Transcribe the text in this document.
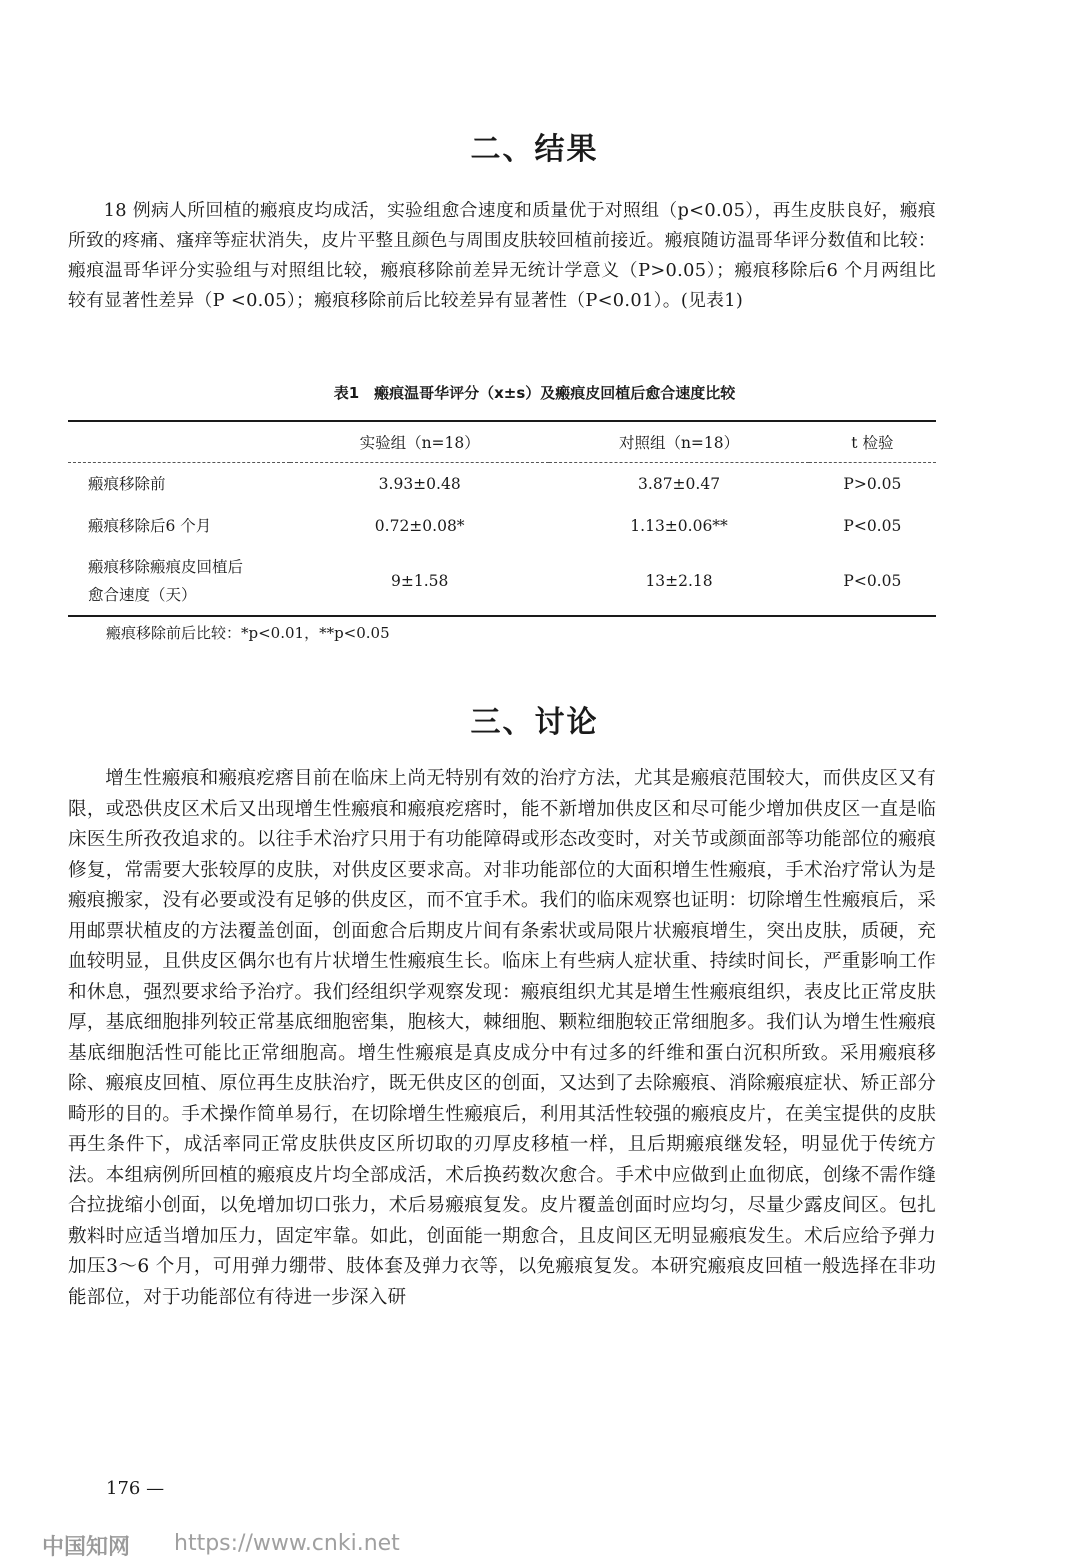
二、结果

18 例病人所回植的瘢痕皮均成活，实验组愈合速度和质量优于对照组（p<0.05），再生皮肤良好，瘢痕所致的疼痛、瘙痒等症状消失，皮片平整且颜色与周围皮肤较回植前接近。瘢痕随访温哥华评分数值和比较：瘢痕温哥华评分实验组与对照组比较，瘢痕移除前差异无统计学意义（P>0.05）；瘢痕移除后6 个月两组比较有显著性差异（P <0.05）；瘢痕移除前后比较差异有显著性（P<0.01）。(见表1)

表1　瘢痕温哥华评分（x±s）及瘢痕皮回植后愈合速度比较

	实验组（n=18）	对照组（n=18）	t 检验
瘢痕移除前	3.93±0.48	3.87±0.47	P>0.05
瘢痕移除后6 个月	0.72±0.08*	1.13±0.06**	P<0.05
瘢痕移除瘢痕皮回植后
愈合速度（天）	9±1.58	13±2.18	P<0.05

瘢痕移除前后比较：*p<0.01，**p<0.05

三、讨论

增生性瘢痕和瘢痕疙瘩目前在临床上尚无特别有效的治疗方法，尤其是瘢痕范围较大，而供皮区又有限，或恐供皮区术后又出现增生性瘢痕和瘢痕疙瘩时，能不新增加供皮区和尽可能少增加供皮区一直是临床医生所孜孜追求的。以往手术治疗只用于有功能障碍或形态改变时，对关节或颜面部等功能部位的瘢痕修复，常需要大张较厚的皮肤，对供皮区要求高。对非功能部位的大面积增生性瘢痕，手术治疗常认为是瘢痕搬家，没有必要或没有足够的供皮区，而不宜手术。我们的临床观察也证明：切除增生性瘢痕后，采用邮票状植皮的方法覆盖创面，创面愈合后期皮片间有条索状或局限片状瘢痕增生，突出皮肤，质硬，充血较明显，且供皮区偶尔也有片状增生性瘢痕生长。临床上有些病人症状重、持续时间长，严重影响工作和休息，强烈要求给予治疗。我们经组织学观察发现：瘢痕组织尤其是增生性瘢痕组织，表皮比正常皮肤厚，基底细胞排列较正常基底细胞密集，胞核大，棘细胞、颗粒细胞较正常细胞多。我们认为增生性瘢痕基底细胞活性可能比正常细胞高。增生性瘢痕是真皮成分中有过多的纤维和蛋白沉积所致。采用瘢痕移除、瘢痕皮回植、原位再生皮肤治疗，既无供皮区的创面，又达到了去除瘢痕、消除瘢痕症状、矫正部分畸形的目的。手术操作简单易行，在切除增生性瘢痕后，利用其活性较强的瘢痕皮片，在美宝提供的皮肤再生条件下，成活率同正常皮肤供皮区所切取的刃厚皮移植一样，且后期瘢痕继发轻，明显优于传统方法。本组病例所回植的瘢痕皮片均全部成活，术后换药数次愈合。手术中应做到止血彻底，创缘不需作缝合拉拢缩小创面，以免增加切口张力，术后易瘢痕复发。皮片覆盖创面时应均匀，尽量少露皮间区。包扎敷料时应适当增加压力，固定牢靠。如此，创面能一期愈合，且皮间区无明显瘢痕发生。术后应给予弹力加压3～6 个月，可用弹力绷带、肢体套及弹力衣等，以免瘢痕复发。本研究瘢痕皮回植一般选择在非功能部位，对于功能部位有待进一步深入研

176 —

中国知网 https://www.cnki.net
